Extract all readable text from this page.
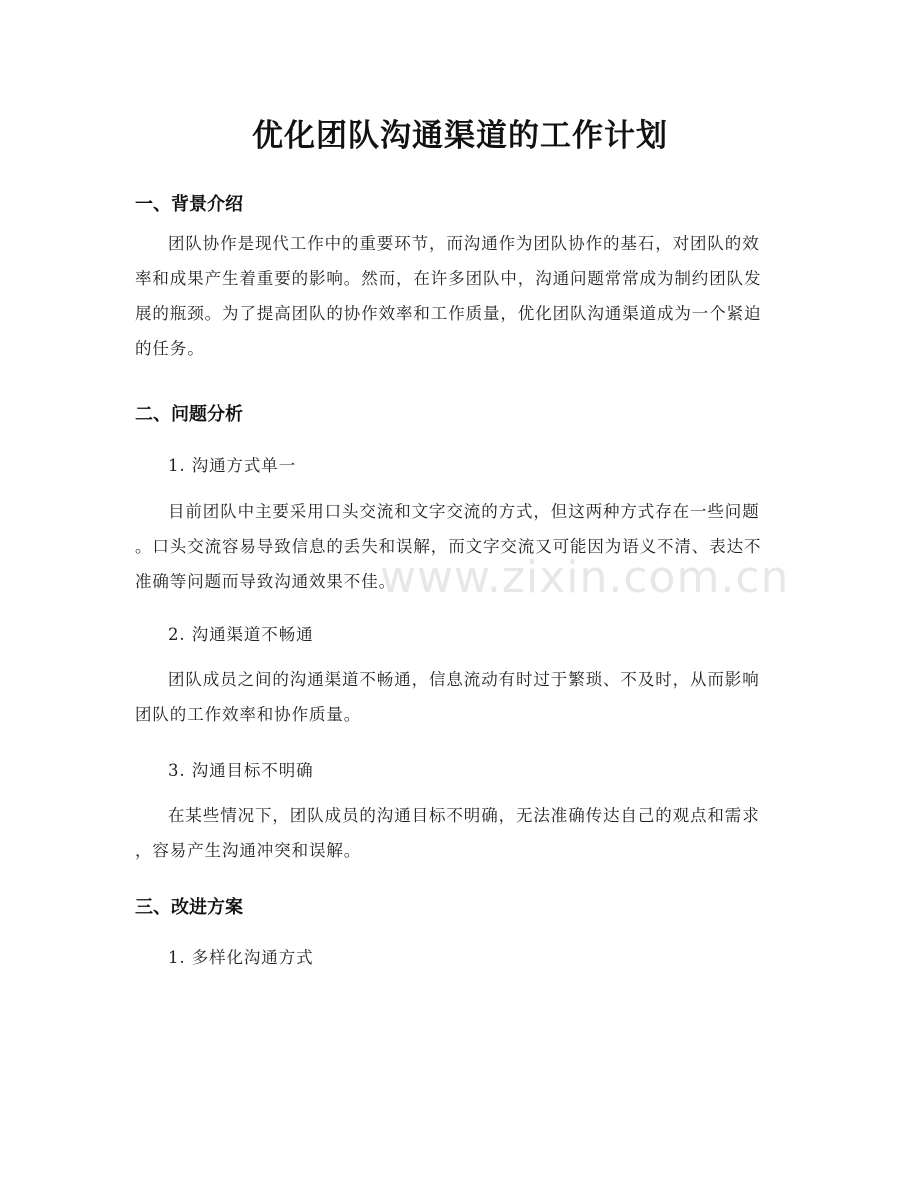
www.zixin.com.cn
优化团队沟通渠道的工作计划
一、背景介绍
团队协作是现代工作中的重要环节，而沟通作为团队协作的基石，对团队的效
率和成果产生着重要的影响。然而，在许多团队中，沟通问题常常成为制约团队发
展的瓶颈。为了提高团队的协作效率和工作质量，优化团队沟通渠道成为一个紧迫
的任务。
二、问题分析
1. 沟通方式单一
目前团队中主要采用口头交流和文字交流的方式，但这两种方式存在一些问题
。口头交流容易导致信息的丢失和误解，而文字交流又可能因为语义不清、表达不
准确等问题而导致沟通效果不佳。
2. 沟通渠道不畅通
团队成员之间的沟通渠道不畅通，信息流动有时过于繁琐、不及时，从而影响
团队的工作效率和协作质量。
3. 沟通目标不明确
在某些情况下，团队成员的沟通目标不明确，无法准确传达自己的观点和需求
，容易产生沟通冲突和误解。
三、改进方案
1. 多样化沟通方式
